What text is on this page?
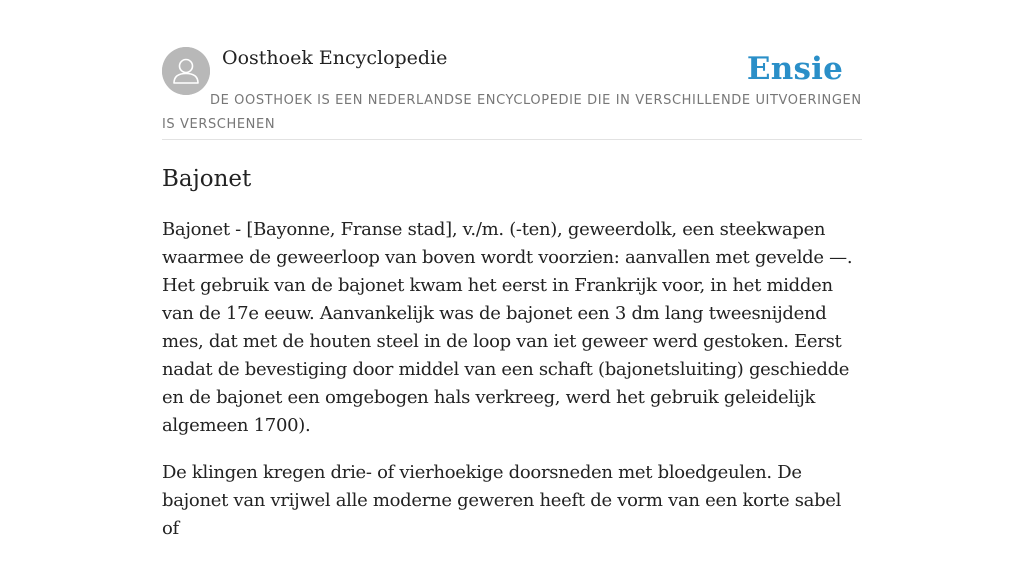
Oosthoek Encyclopedie	Ensie
DE OOSTHOEK IS EEN NEDERLANDSE ENCYCLOPEDIE DIE IN VERSCHILLENDE UITVOERINGEN IS VERSCHENEN
Bajonet

Bajonet - [Bayonne, Franse stad], v./m. (-ten), geweerdolk, een steekwapen waarmee de geweerloop van boven wordt voorzien: aanvallen met gevelde —. Het gebruik van de bajonet kwam het eerst in Frankrijk voor, in het midden van de 17e eeuw. Aanvankelijk was de bajonet een 3 dm lang tweesnijdend mes, dat met de houten steel in de loop van iet geweer werd gestoken. Eerst nadat de bevestiging door middel van een schaft (bajonetsluiting) geschiedde en de bajonet een omgebogen hals verkreeg, werd het gebruik geleidelijk algemeen 1700).

De klingen kregen drie- of vierhoekige doorsneden met bloedgeulen. De bajonet van vrijwel alle moderne geweren heeft de vorm van een korte sabel of
